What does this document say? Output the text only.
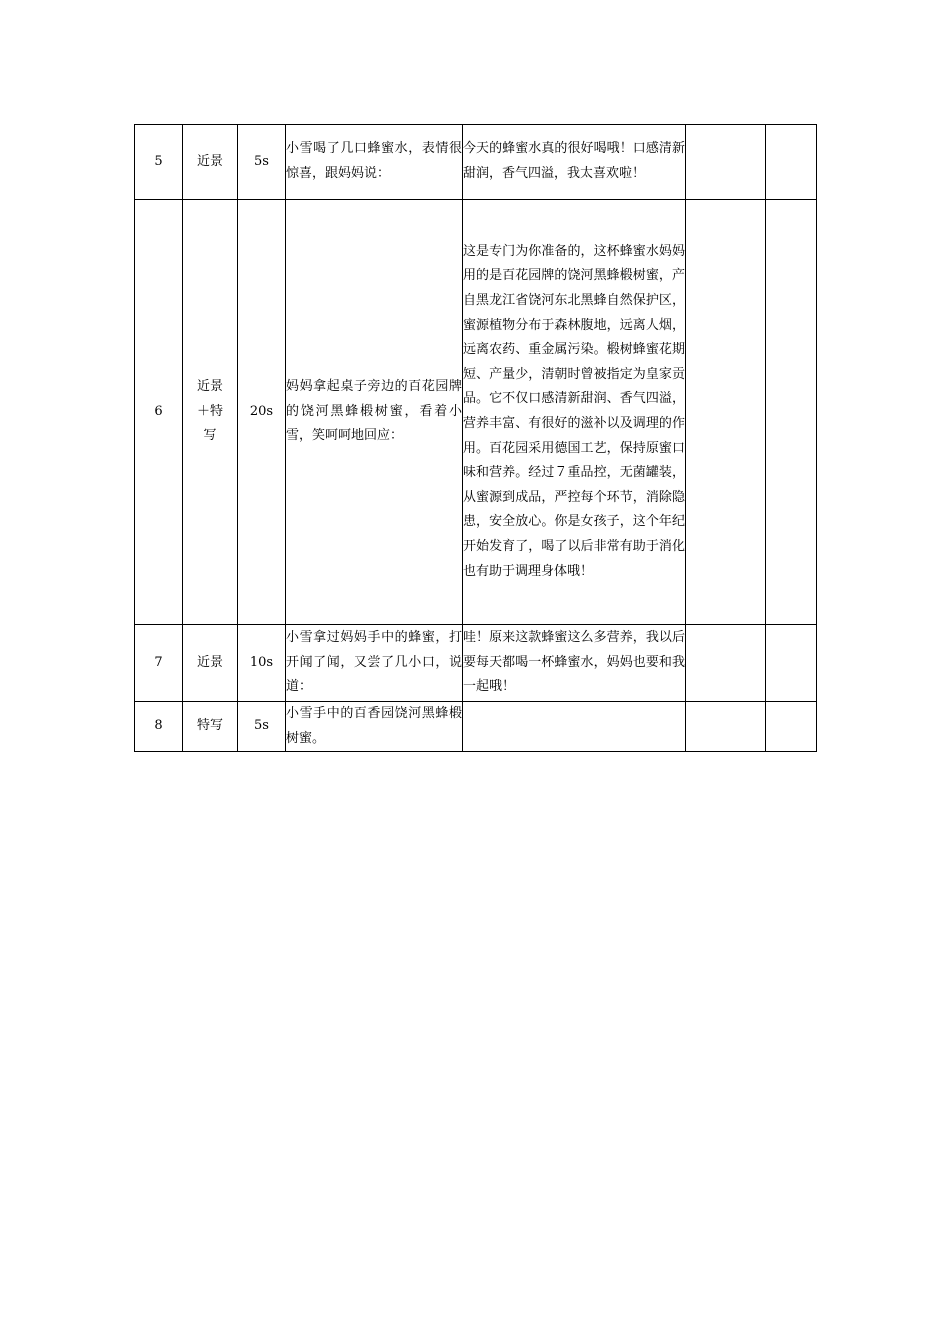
5	近景	5s	小雪喝了几口蜂蜜水，表情很惊喜，跟妈妈说：	今天的蜂蜜水真的很好喝哦！口感清新甜润，香气四溢，我太喜欢啦！		
6	近景＋特写	20s	妈妈拿起桌子旁边的百花园牌的饶河黑蜂椴树蜜，看着小雪，笑呵呵地回应：	这是专门为你准备的，这杯蜂蜜水妈妈用的是百花园牌的饶河黑蜂椴树蜜，产自黑龙江省饶河东北黑蜂自然保护区，蜜源植物分布于森林腹地，远离人烟，远离农药、重金属污染。椴树蜂蜜花期短、产量少，清朝时曾被指定为皇家贡品。它不仅口感清新甜润、香气四溢，营养丰富、有很好的滋补以及调理的作用。百花园采用德国工艺，保持原蜜口味和营养。经过７重品控，无菌罐装，从蜜源到成品，严控每个环节，消除隐患，安全放心。你是女孩子，这个年纪开始发育了，喝了以后非常有助于消化也有助于调理身体哦！		
7	近景	10s	小雪拿过妈妈手中的蜂蜜，打开闻了闻，又尝了几小口，说道：	哇！原来这款蜂蜜这么多营养，我以后要每天都喝一杯蜂蜜水，妈妈也要和我一起哦！		
8	特写	5s	小雪手中的百香园饶河黑蜂椴树蜜。			
